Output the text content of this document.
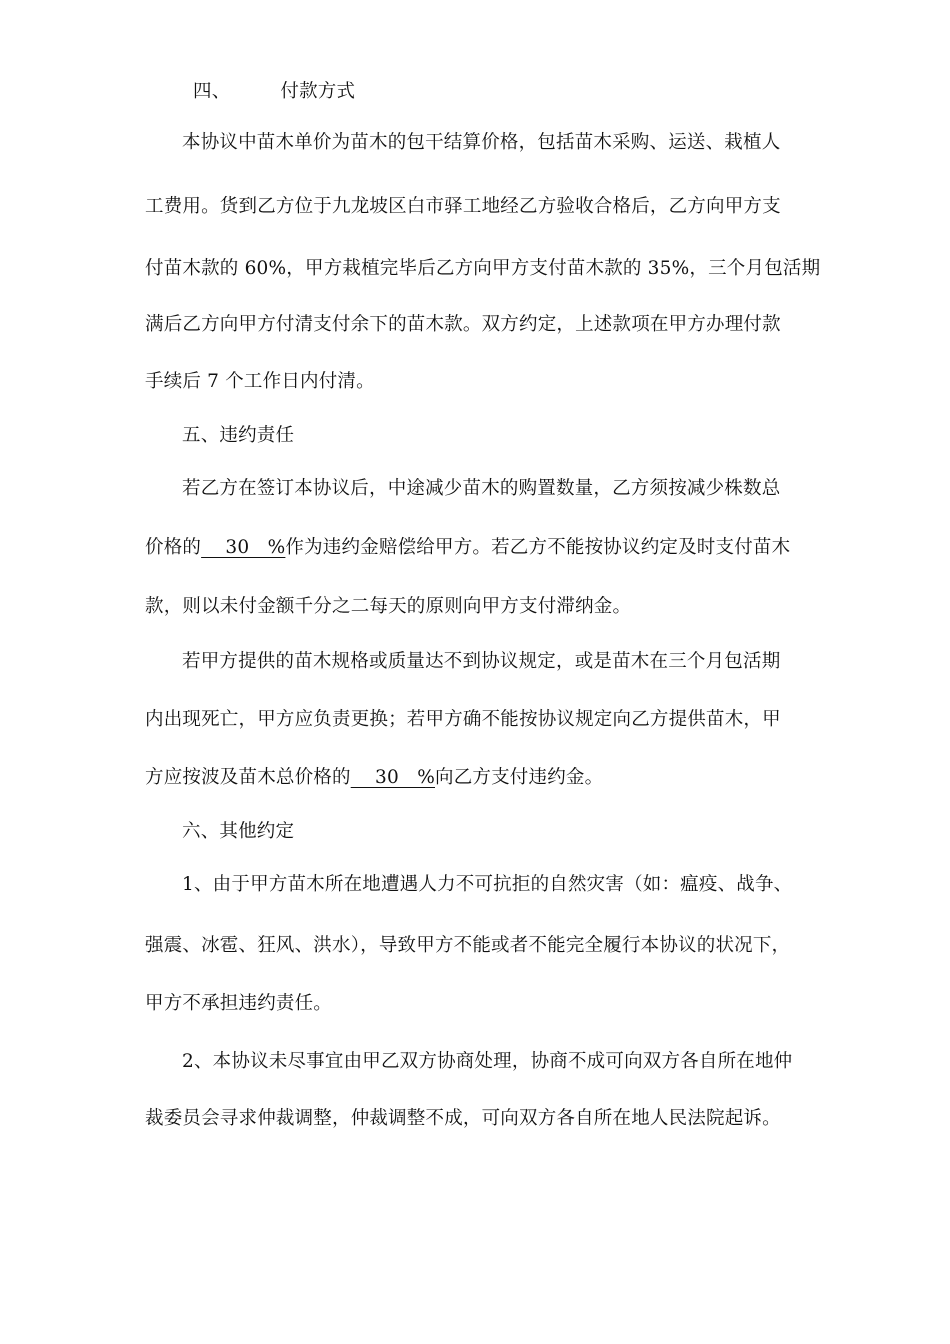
四、	付款方式
本协议中苗木单价为苗木的包干结算价格，包括苗木采购、运送、栽植人
工费用。货到乙方位于九龙坡区白市驿工地经乙方验收合格后，乙方向甲方支
付苗木款的 60%，甲方栽植完毕后乙方向甲方支付苗木款的 35%，三个月包活期
满后乙方向甲方付清支付余下的苗木款。双方约定，上述款项在甲方办理付款
手续后 7 个工作日内付清。
五、违约责任
若乙方在签订本协议后，中途减少苗木的购置数量，乙方须按减少株数总
价格的    30   %作为违约金赔偿给甲方。若乙方不能按协议约定及时支付苗木
款，则以未付金额千分之二每天的原则向甲方支付滞纳金。
若甲方提供的苗木规格或质量达不到协议规定，或是苗木在三个月包活期
内出现死亡，甲方应负责更换；若甲方确不能按协议规定向乙方提供苗木，甲
方应按波及苗木总价格的    30   %向乙方支付违约金。
六、其他约定
1、由于甲方苗木所在地遭遇人力不可抗拒的自然灾害（如：瘟疫、战争、
强震、冰雹、狂风、洪水），导致甲方不能或者不能完全履行本协议的状况下，
甲方不承担违约责任。
2、本协议未尽事宜由甲乙双方协商处理，协商不成可向双方各自所在地仲
裁委员会寻求仲裁调整，仲裁调整不成，可向双方各自所在地人民法院起诉。
